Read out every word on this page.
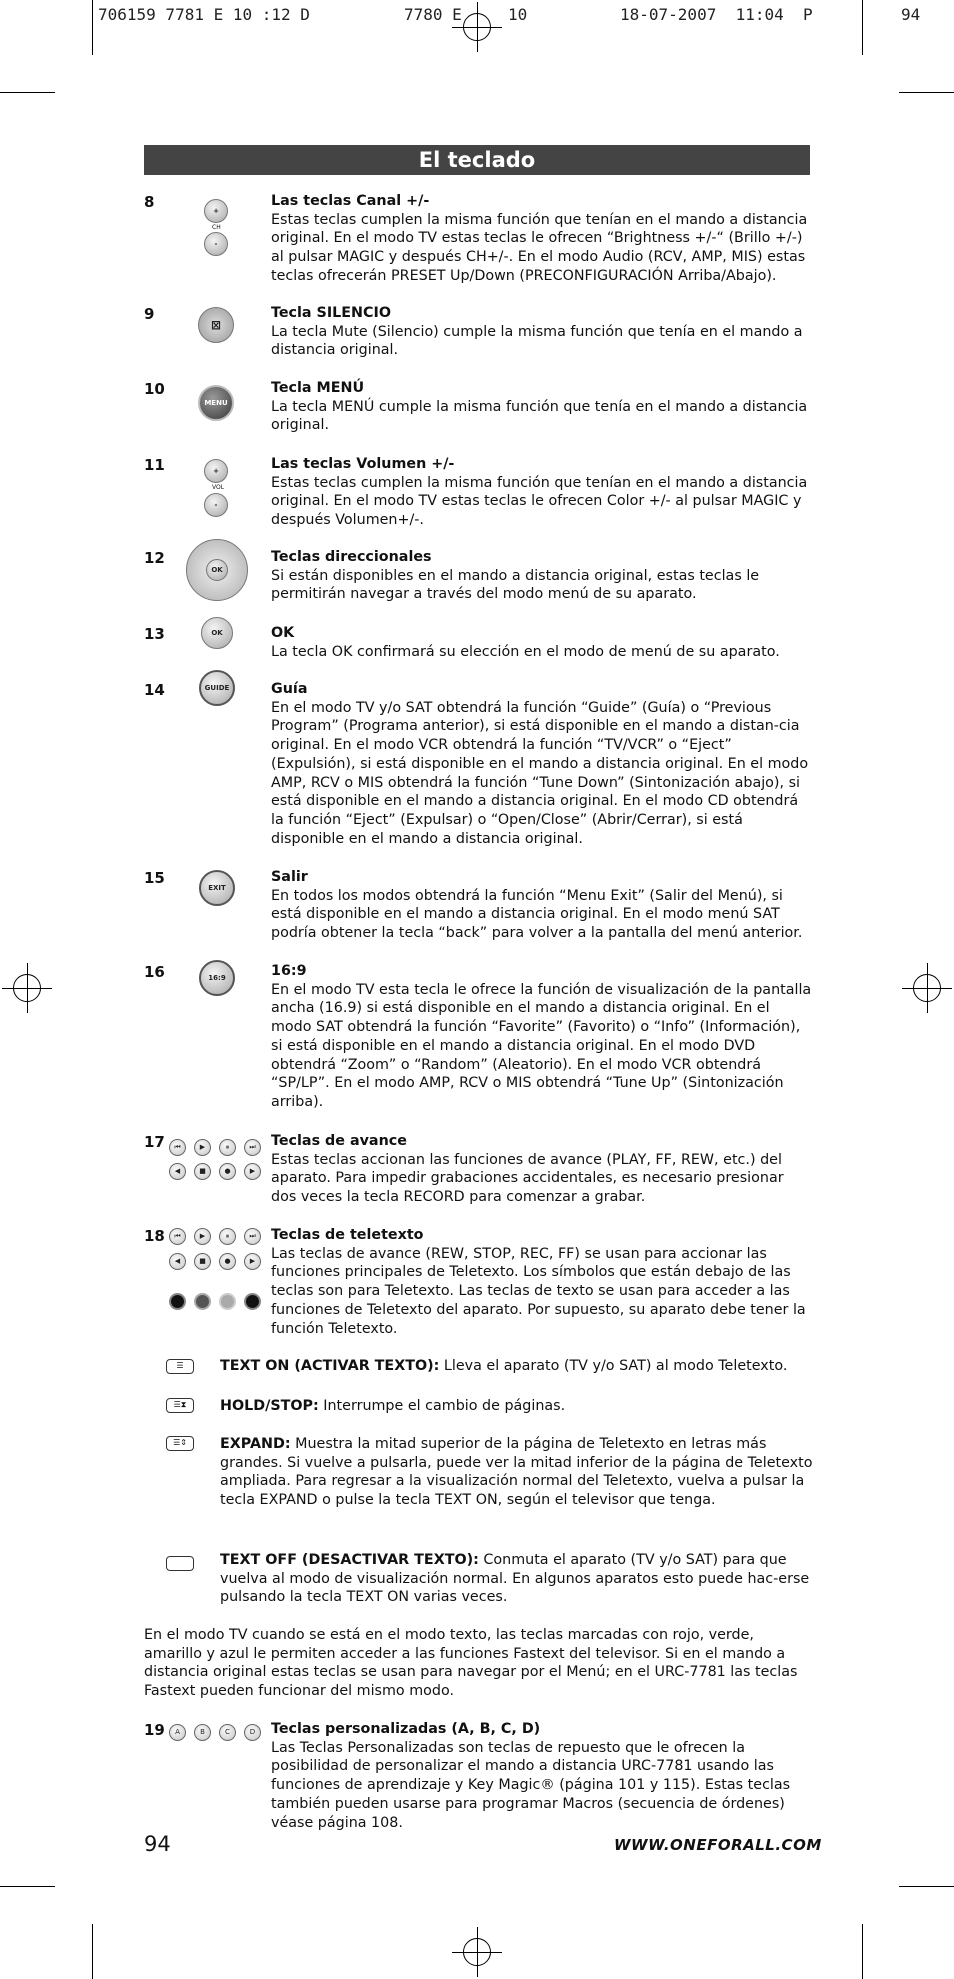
706159 7781 E 10 :12 D

	7780 E

	10

	18-07-2007  11:04  P

	94

El teclado
8	Las teclas Canal +/-
Estas teclas cumplen la misma función que tenían en el mando a distancia original. En el modo TV estas teclas le ofrecen “Brightness +/-“ (Brillo +/-) al pulsar MAGIC y después CH+/-. En el modo Audio (RCV, AMP, MIS) estas teclas ofrecerán PRESET Up/Down (PRECONFIGURACIÓN Arriba/Abajo).
9	Tecla SILENCIO
La tecla Mute (Silencio) cumple la misma función que tenía en el mando a distancia original.
10	Tecla MENÚ
La tecla MENÚ cumple la misma función que tenía en el mando a distancia original.
11	Las teclas Volumen +/-
Estas teclas cumplen la misma función que tenían en el mando a distancia original. En el modo TV estas teclas le ofrecen Color +/- al pulsar MAGIC y después Volumen+/-.
12	Teclas direccionales
Si están disponibles en el mando a distancia original, estas teclas le permitirán navegar a través del modo menú de su aparato.
13	OK
La tecla OK confirmará su elección en el modo de menú de su aparato.
14	Guía
En el modo TV y/o SAT obtendrá la función “Guide” (Guía) o “Previous Program” (Programa anterior), si está disponible en el mando a distan-cia original. En el modo VCR obtendrá la función “TV/VCR” o “Eject” (Expulsión), si está disponible en el mando a distancia original. En el modo AMP, RCV o MIS obtendrá la función “Tune Down” (Sintonización abajo), si está disponible en el mando a distancia original. En el modo CD obtendrá la función “Eject” (Expulsar) o “Open/Close” (Abrir/Cerrar), si está disponible en el mando a distancia original.
15	Salir
En todos los modos obtendrá la función “Menu Exit” (Salir del Menú), si está disponible en el mando a distancia original. En el modo menú SAT podría obtener la tecla “back” para volver a la pantalla del menú anterior.
16	16:9
En el modo TV esta tecla le ofrece la función de visualización de la pantalla ancha (16.9) si está disponible en el mando a distancia original. En el modo SAT obtendrá la función “Favorite” (Favorito) o “Info” (Información), si está disponible en el mando a distancia original. En el modo DVD obtendrá “Zoom” o “Random” (Aleatorio). En el modo VCR obtendrá “SP/LP”. En el modo AMP, RCV o MIS obtendrá “Tune Up” (Sintonización arriba).
17	Teclas de avance
Estas teclas accionan las funciones de avance (PLAY, FF, REW, etc.) del aparato. Para impedir grabaciones accidentales, es necesario presionar dos veces la tecla RECORD para comenzar a grabar.
18	Teclas de teletexto
Las teclas de avance (REW, STOP, REC, FF) se usan para accionar las funciones principales de Teletexto. Los símbolos que están debajo de las teclas son para Teletexto. Las teclas de texto se usan para acceder a las funciones de Teletexto del aparato. Por supuesto, su aparato debe tener la función Teletexto.
+
CH
-
⊠
MENU
+
VOL
-
OK
OK
GUIDE
EXIT
16:9
⏮	▶	⏸	⏭
◀	■	●	▶
⏮	▶	⏸	⏭
◀	■	●	▶
☰	TEXT ON (ACTIVAR TEXTO): Lleva el aparato (TV y/o SAT) al modo Teletexto.
☰⧗	HOLD/STOP: Interrumpe el cambio de páginas.
☰⇕	EXPAND: Muestra la mitad superior de la página de Teletexto en letras más grandes. Si vuelve a pulsarla, puede ver la mitad inferior de la página de Teletexto ampliada. Para regresar a la visualización normal del Teletexto, vuelva a pulsar la tecla EXPAND o pulse la tecla TEXT ON, según el televisor que tenga.
TEXT OFF (DESACTIVAR TEXTO): Conmuta el aparato (TV y/o SAT) para que vuelva al modo de visualización normal. En algunos aparatos esto puede hac-erse pulsando la tecla TEXT ON varias veces.
En el modo TV cuando se está en el modo texto, las teclas marcadas con rojo, verde, amarillo y azul le permiten acceder a las funciones Fastext del televisor. Si en el mando a distancia original estas teclas se usan para navegar por el Menú; en el URC-7781 las teclas Fastext pueden funcionar del mismo modo.
19	A	B	C	D	Teclas personalizadas (A, B, C, D)
Las Teclas Personalizadas son teclas de repuesto que le ofrecen la posibilidad de personalizar el mando a distancia URC-7781 usando las funciones de aprendizaje y Key Magic® (página 101 y 115). Estas teclas también pueden usarse para programar Macros (secuencia de órdenes) véase página 108.
94	WWW.ONEFORALL.COM
